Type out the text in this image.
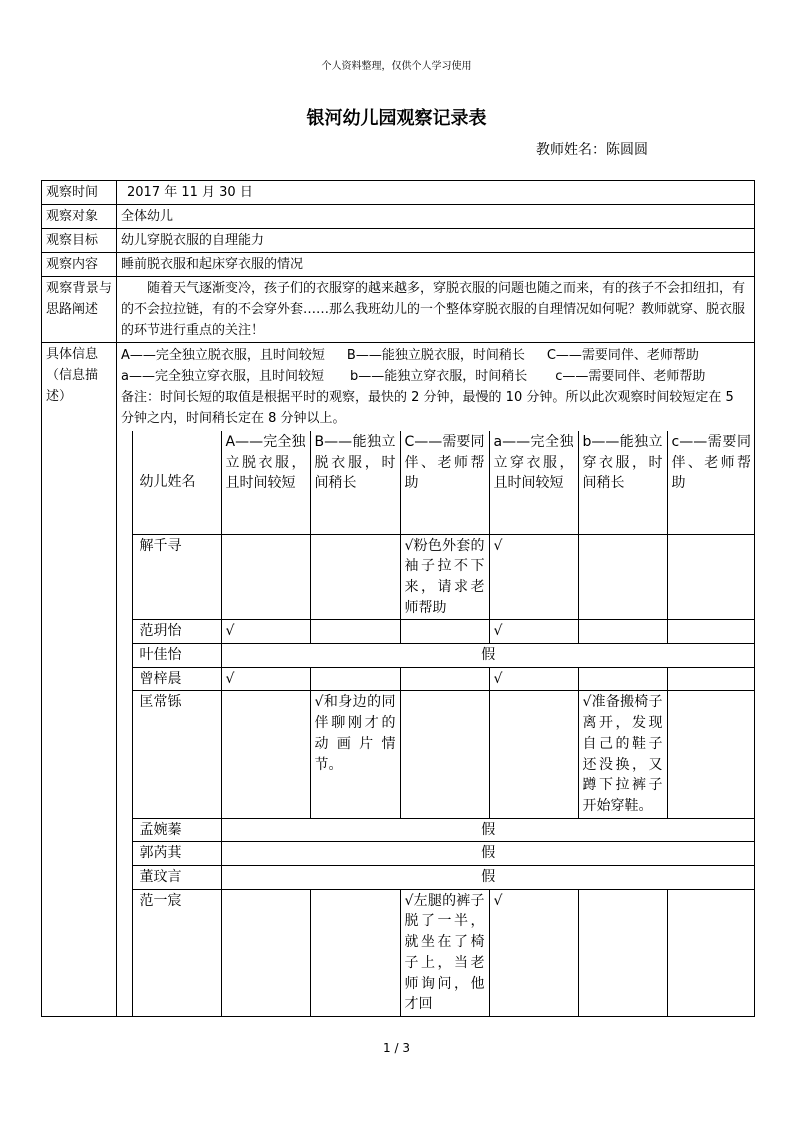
个人资料整理，仅供个人学习使用
银河幼儿园观察记录表
教师姓名：陈圆圆
观察时间	2017 年 11 月 30 日
观察对象	全体幼儿
观察目标	幼儿穿脱衣服的自理能力
观察内容	睡前脱衣服和起床穿衣服的情况
观察背景与思路阐述	
随着天气逐渐变冷，孩子们的衣服穿的越来越多，穿脱衣服的问题也随之而来，有的孩子不会扣纽扣，有的不会拉拉链，有的不会穿外套……那么我班幼儿的一个整体穿脱衣服的自理情况如何呢？教师就穿、脱衣服的环节进行重点的关注！

具体信息（信息描述）	
A——完全独立脱衣服，且时间较短 B——能独立脱衣服，时间稍长 C——需要同伴、老师帮助
a——完全独立穿衣服，且时间较短 b——能独立穿衣服，时间稍长 c——需要同伴、老师帮助
备注：时间长短的取值是根据平时的观察，最快的 2 分钟，最慢的 10 分钟。所以此次观察时间较短定在 5 分钟之内，时间稍长定在 8 分钟以上。
	幼儿姓名	A——完全独立脱衣服，且时间较短	B——能独立脱衣服，时间稍长	C——需要同伴、老师帮助	a——完全独立穿衣服，且时间较短	b——能独立穿衣服，时间稍长	c——需要同伴、老师帮助
解千寻			√粉色外套的袖子拉不下来，请求老师帮助	√		
范玥怡	√			√		
叶佳怡	假
曾梓晨	√			√		
匡常铄		√和身边的同伴聊刚才的动画片情节。			√准备搬椅子离开，发现自己的鞋子还没换，又蹲下拉裤子开始穿鞋。	
孟婉蓁	假
郭芮萁	假
董玟言	假
范一宸			√左腿的裤子脱了一半，就坐在了椅子上，当老师询问，他才回	√		
1 / 3
